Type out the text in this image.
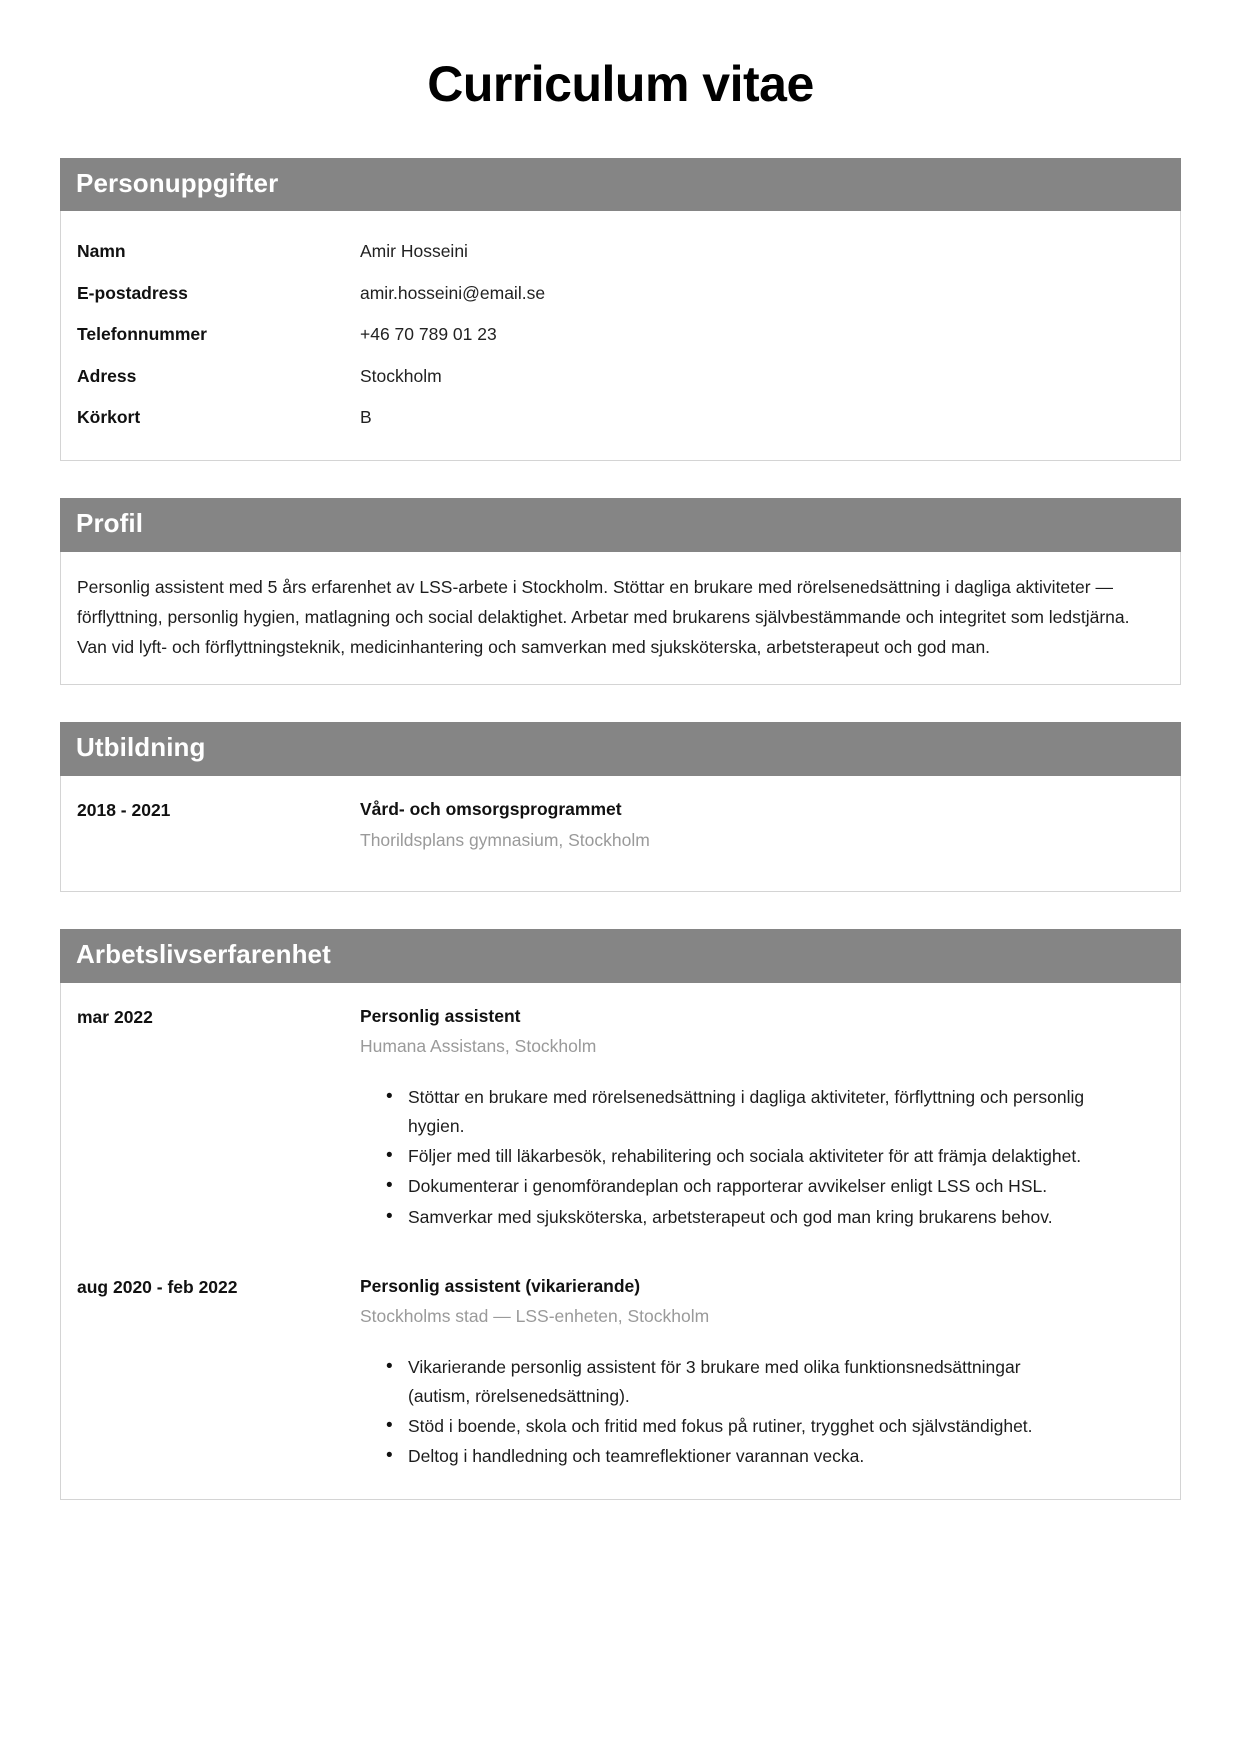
Curriculum vitae
Personuppgifter
Namn	Amir Hosseini
E-postadress	amir.hosseini@email.se
Telefonnummer	+46 70 789 01 23
Adress	Stockholm
Körkort	B
Profil

Personlig assistent med 5 års erfarenhet av LSS-arbete i Stockholm. Stöttar en brukare med rörelsenedsättning i dagliga aktiviteter — förflyttning, personlig hygien, matlagning och social delaktighet. Arbetar med brukarens självbestämmande och integritet som ledstjärna. Van vid lyft- och förflyttningsteknik, medicinhantering och samverkan med sjuksköterska, arbetsterapeut och god man.

Utbildning
2018 - 2021	Vård- och omsorgsprogrammet
Thorildsplans gymnasium, Stockholm
Arbetslivserfarenhet
mar 2022	Personlig assistent
Humana Assistans, Stockholm
• Stöttar en brukare med rörelsenedsättning i dagliga aktiviteter, förflyttning och personlig hygien.
• Följer med till läkarbesök, rehabilitering och sociala aktiviteter för att främja delaktighet.
• Dokumenterar i genomförandeplan och rapporterar avvikelser enligt LSS och HSL.
• Samverkar med sjuksköterska, arbetsterapeut och god man kring brukarens behov.
aug 2020 - feb 2022	Personlig assistent (vikarierande)
Stockholms stad — LSS-enheten, Stockholm
• Vikarierande personlig assistent för 3 brukare med olika funktionsnedsättningar (autism, rörelsenedsättning).
• Stöd i boende, skola och fritid med fokus på rutiner, trygghet och självständighet.
• Deltog i handledning och teamreflektioner varannan vecka.
